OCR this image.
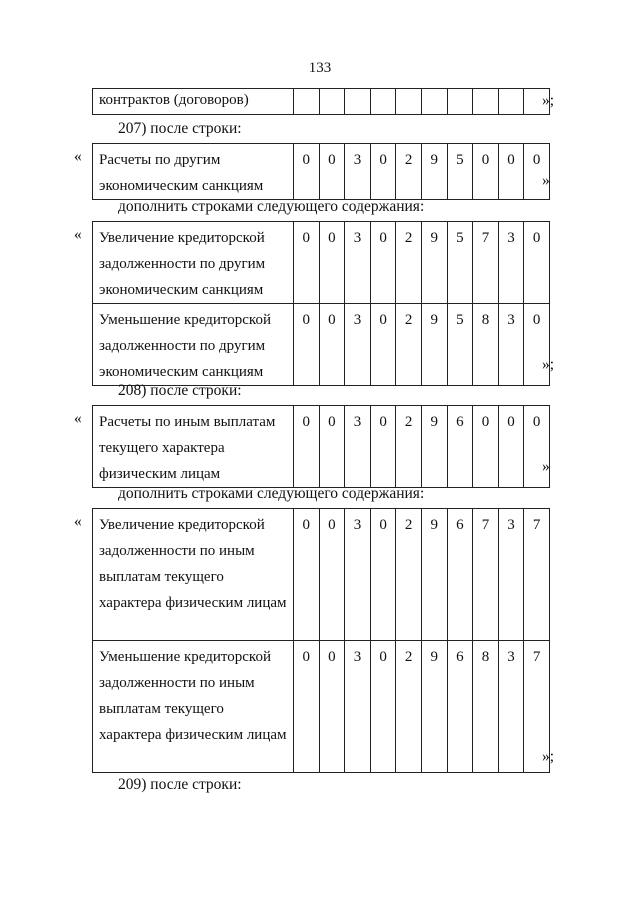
133
контрактов (договоров)											»;
207) после строки:
« Расчеты по другим экономическим санкциям	0	0	3	0	2	9	5	0	0	0
»
дополнить строками следующего содержания:
« Увеличение кредиторской задолженности по другим экономическим санкциям	0	0	3	0	2	9	5	7	3	0
Уменьшение кредиторской задолженности по другим экономическим санкциям	0	0	3	0	2	9	5	8	3	0
»;
208) после строки:
« Расчеты по иным выплатам текущего характера физическим лицам	0	0	3	0	2	9	6	0	0	0
»
дополнить строками следующего содержания:
« Увеличение кредиторской задолженности по иным выплатам текущего характера физическим лицам	0	0	3	0	2	9	6	7	3	7
Уменьшение кредиторской задолженности по иным выплатам текущего характера физическим лицам	0	0	3	0	2	9	6	8	3	7
»;
209) после строки:
